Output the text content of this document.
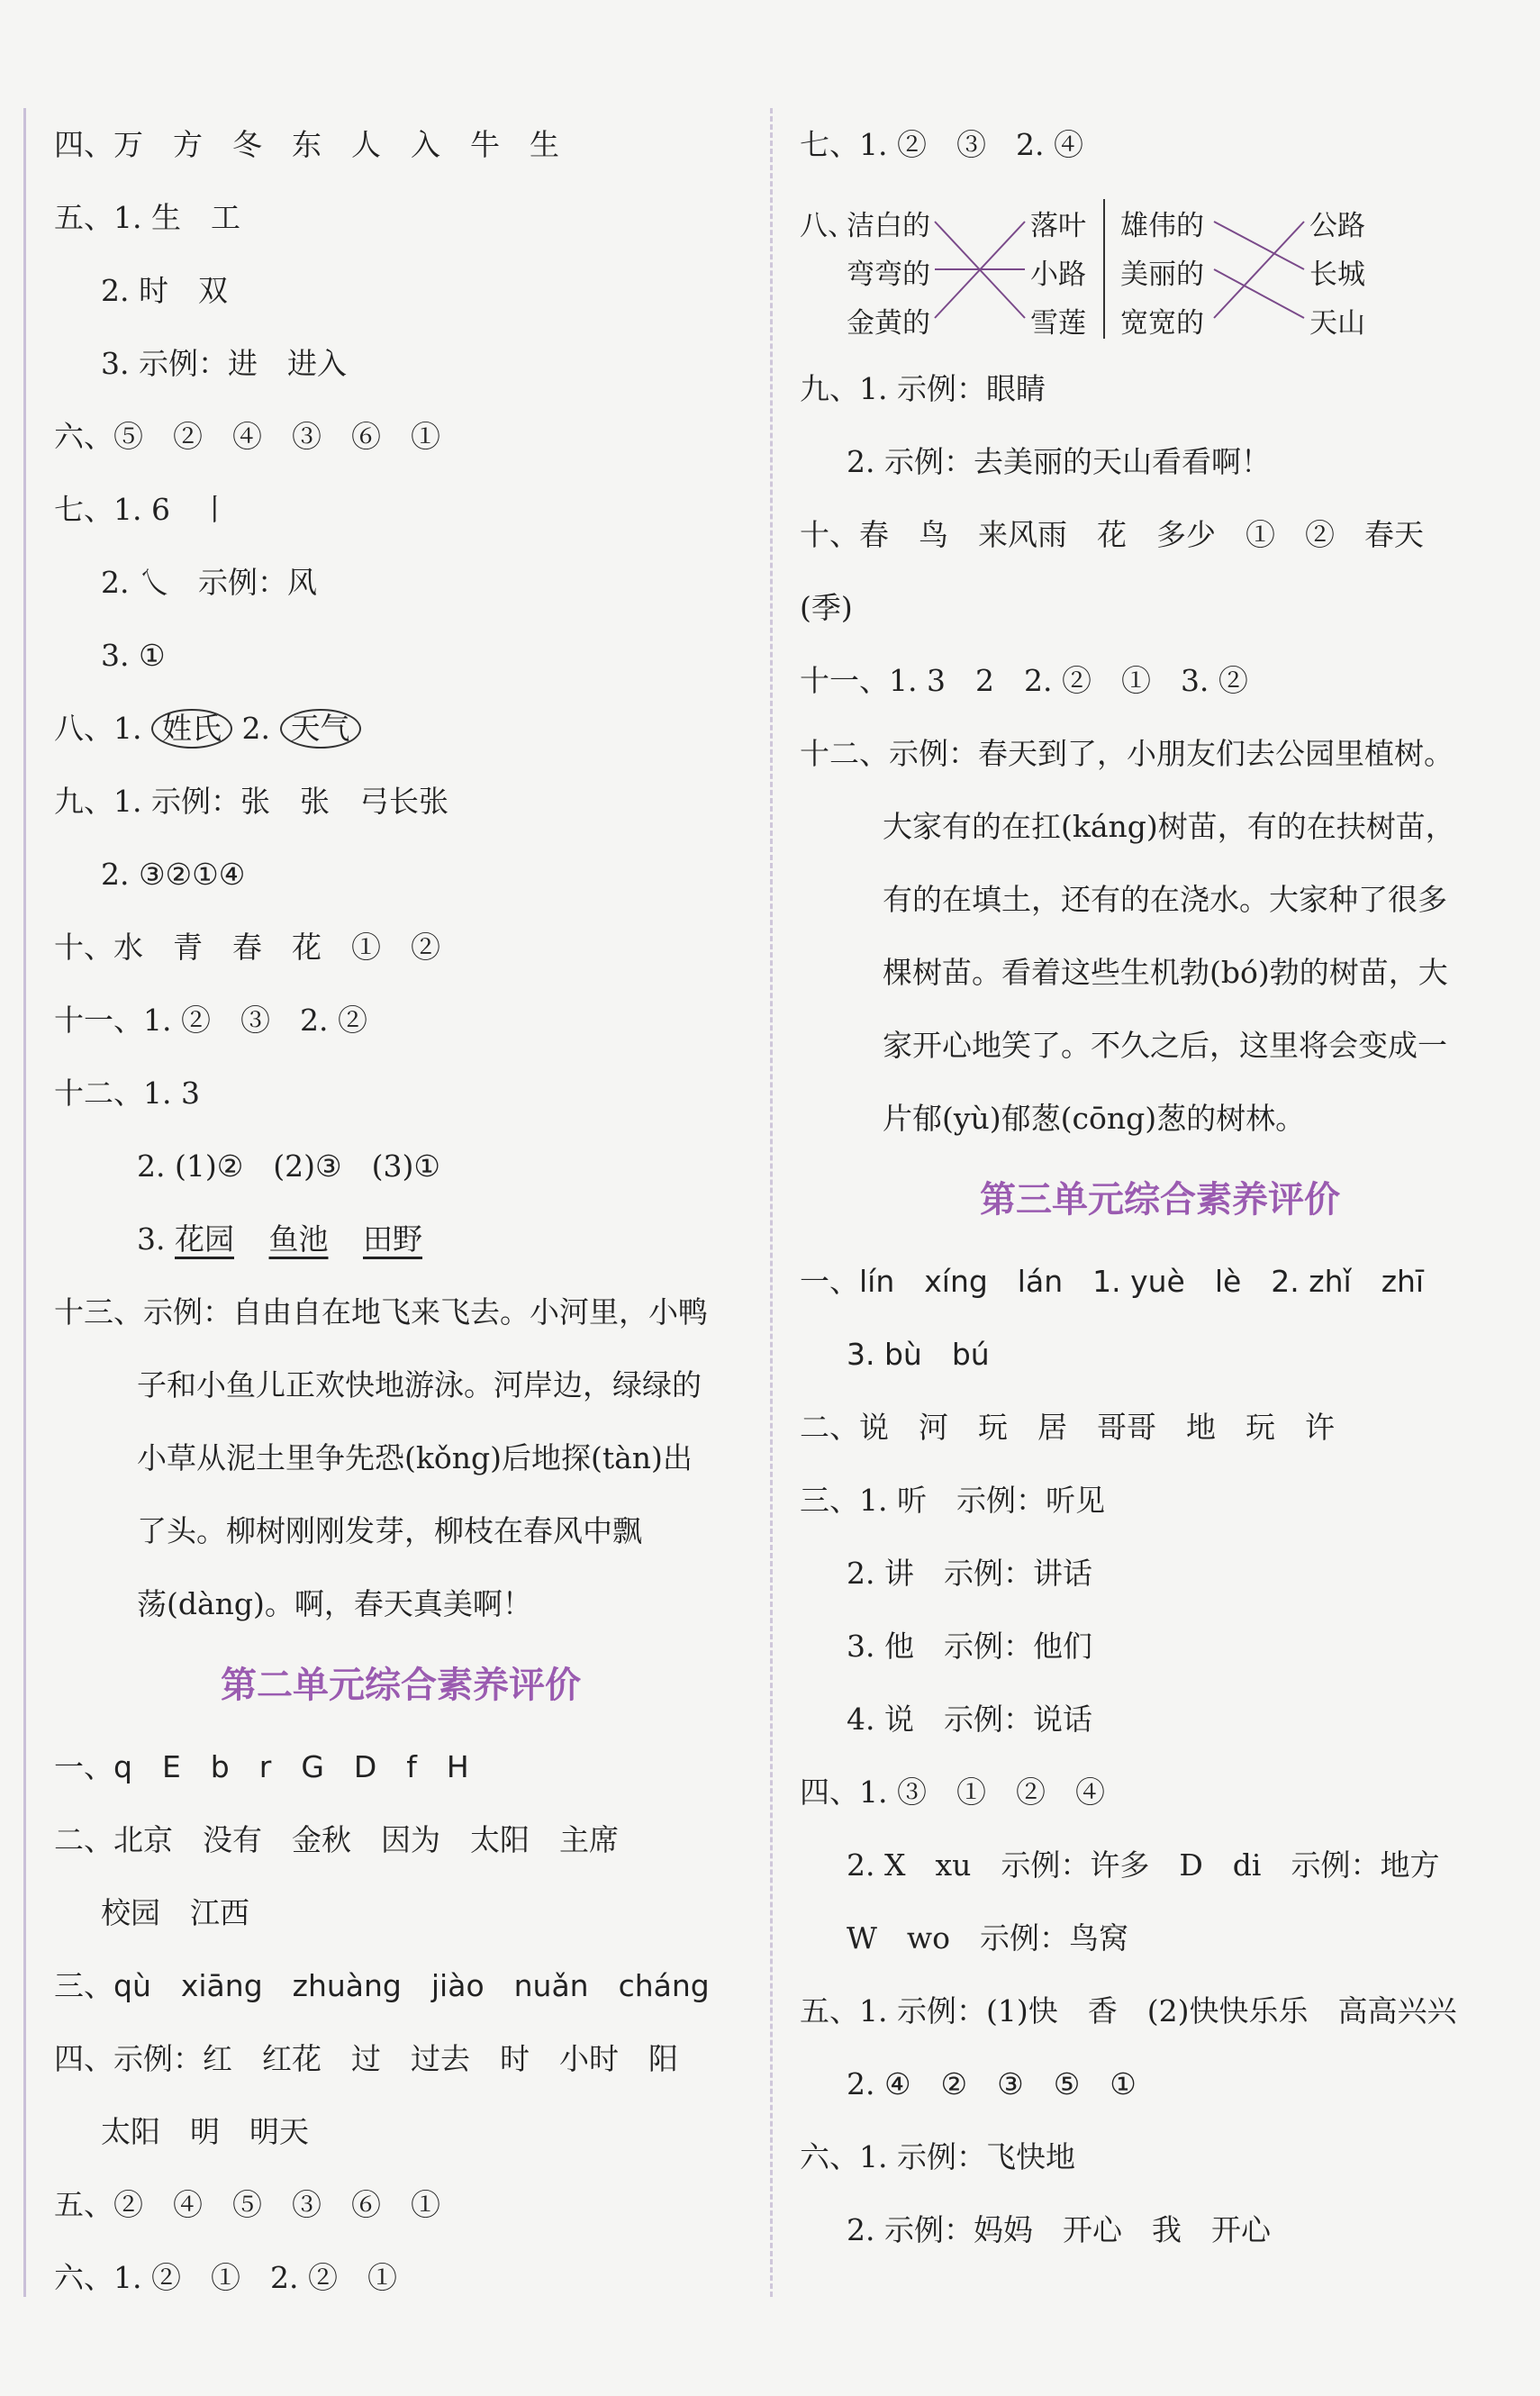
四、万　方　冬　东　人　入　牛　生
五、1. 生　工
2. 时　双
3. 示例：进　进入
六、⑤　②　④　③　⑥　①
七、1. 6　丨
2. 乀　示例：风
3. ①
八、1. 姓氏 2. 天气
九、1. 示例：张　张　弓长张
2. ③②①④
十、水　青　春　花　①　②
十一、1. ②　③　2. ②
十二、1. 3
2. (1)②　(2)③　(3)①
3. 花园 鱼池 田野
十三、示例：自由自在地飞来飞去。小河里，小鸭
子和小鱼儿正欢快地游泳。河岸边，绿绿的
小草从泥土里争先恐(kǒng)后地探(tàn)出
了头。柳树刚刚发芽，柳枝在春风中飘
荡(dàng)。啊，春天真美啊！
第二单元综合素养评价
一、q　E　b　r　G　D　f　H
二、北京　没有　金秋　因为　太阳　主席
校园　江西
三、qù　xiāng　zhuàng　jiào　nuǎn　cháng
四、示例：红　红花　过　过去　时　小时　阳
太阳　明　明天
五、②　④　⑤　③　⑥　①
六、1. ②　①　2. ②　①
七、1. ②　③　2. ④
八、
洁白的
弯弯的
金黄的
落叶
小路
雪莲
雄伟的
美丽的
宽宽的
公路
长城
天山
九、1. 示例：眼睛
2. 示例：去美丽的天山看看啊！
十、春　鸟　来风雨　花　多少　①　②　春天
(季)
十一、1. 3　2　2. ②　①　3. ②
十二、示例：春天到了，小朋友们去公园里植树。
大家有的在扛(káng)树苗，有的在扶树苗，
有的在填土，还有的在浇水。大家种了很多
棵树苗。看着这些生机勃(bó)勃的树苗，大
家开心地笑了。不久之后，这里将会变成一
片郁(yù)郁葱(cōng)葱的树林。
第三单元综合素养评价
一、lín　xíng　lán　1. yuè　lè　2. zhǐ　zhī
3. bù　bú
二、说　河　玩　居　哥哥　地　玩　许
三、1. 听　示例：听见
2. 讲　示例：讲话
3. 他　示例：他们
4. 说　示例：说话
四、1. ③　①　②　④
2. X　xu　示例：许多　D　di　示例：地方
W　wo　示例：鸟窝
五、1. 示例：(1)快　香　(2)快快乐乐　高高兴兴
2. ④　②　③　⑤　①
六、1. 示例：飞快地
2. 示例：妈妈　开心　我　开心
